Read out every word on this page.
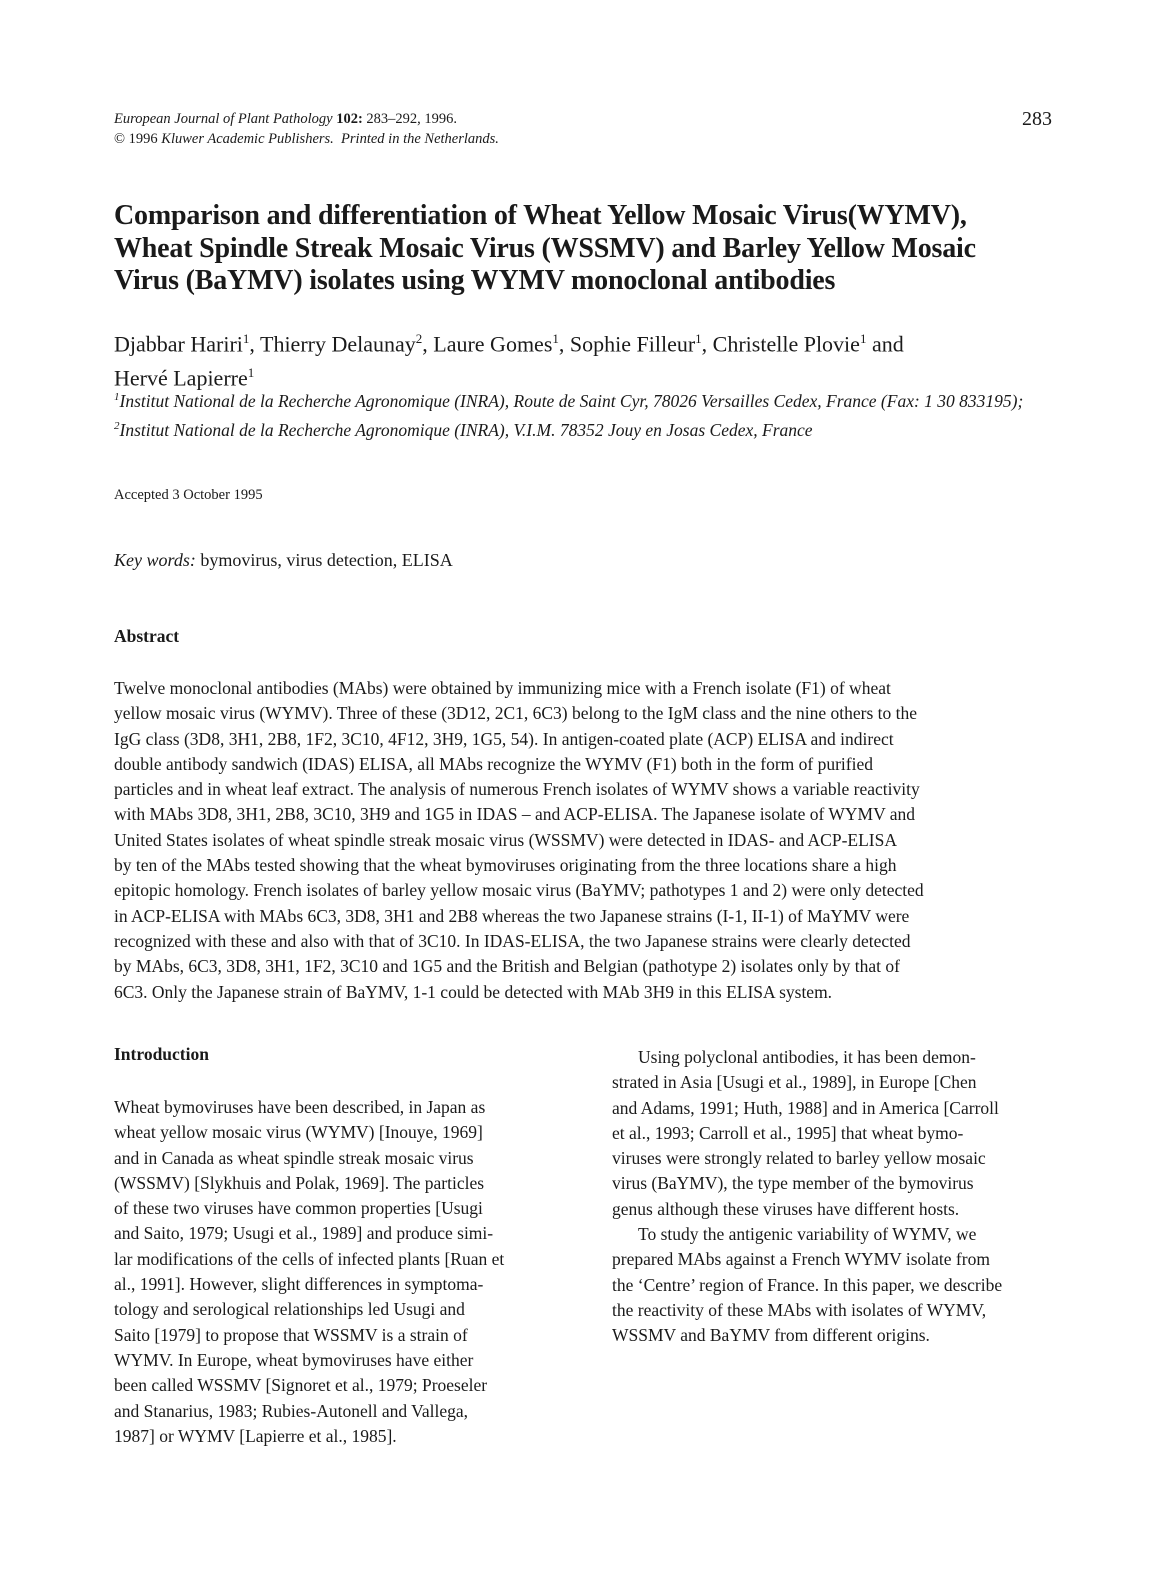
European Journal of Plant Pathology 102: 283–292, 1996.
© 1996 Kluwer Academic Publishers. Printed in the Netherlands.
283
Comparison and differentiation of Wheat Yellow Mosaic Virus(WYMV),
Wheat Spindle Streak Mosaic Virus (WSSMV) and Barley Yellow Mosaic
Virus (BaYMV) isolates using WYMV monoclonal antibodies
Djabbar Hariri$^1$, Thierry Delaunay$^2$, Laure Gomes$^1$, Sophie Filleur$^1$, Christelle Plovie$^1$ and
Hervé Lapierre$^1$
$^1$Institut National de la Recherche Agronomique (INRA), Route de Saint Cyr, 78026 Versailles Cedex, France (Fax: 1 30 833195); $^2$Institut National de la Recherche Agronomique (INRA), V.I.M. 78352 Jouy en Josas Cedex, France
Accepted 3 October 1995
Key words: bymovirus, virus detection, ELISA
Abstract
Twelve monoclonal antibodies (MAbs) were obtained by immunizing mice with a French isolate (F1) of wheat
yellow mosaic virus (WYMV). Three of these (3D12, 2C1, 6C3) belong to the IgM class and the nine others to the
IgG class (3D8, 3H1, 2B8, 1F2, 3C10, 4F12, 3H9, 1G5, 54). In antigen-coated plate (ACP) ELISA and indirect
double antibody sandwich (IDAS) ELISA, all MAbs recognize the WYMV (F1) both in the form of purified
particles and in wheat leaf extract. The analysis of numerous French isolates of WYMV shows a variable reactivity
with MAbs 3D8, 3H1, 2B8, 3C10, 3H9 and 1G5 in IDAS – and ACP-ELISA. The Japanese isolate of WYMV and
United States isolates of wheat spindle streak mosaic virus (WSSMV) were detected in IDAS- and ACP-ELISA
by ten of the MAbs tested showing that the wheat bymoviruses originating from the three locations share a high
epitopic homology. French isolates of barley yellow mosaic virus (BaYMV; pathotypes 1 and 2) were only detected
in ACP-ELISA with MAbs 6C3, 3D8, 3H1 and 2B8 whereas the two Japanese strains (I-1, II-1) of MaYMV were
recognized with these and also with that of 3C10. In IDAS-ELISA, the two Japanese strains were clearly detected
by MAbs, 6C3, 3D8, 3H1, 1F2, 3C10 and 1G5 and the British and Belgian (pathotype 2) isolates only by that of
6C3. Only the Japanese strain of BaYMV, 1-1 could be detected with MAb 3H9 in this ELISA system.
Introduction
Wheat bymoviruses have been described, in Japan as
wheat yellow mosaic virus (WYMV) [Inouye, 1969]
and in Canada as wheat spindle streak mosaic virus
(WSSMV) [Slykhuis and Polak, 1969]. The particles
of these two viruses have common properties [Usugi
and Saito, 1979; Usugi et al., 1989] and produce simi-
lar modifications of the cells of infected plants [Ruan et
al., 1991]. However, slight differences in symptoma-
tology and serological relationships led Usugi and
Saito [1979] to propose that WSSMV is a strain of
WYMV. In Europe, wheat bymoviruses have either
been called WSSMV [Signoret et al., 1979; Proeseler
and Stanarius, 1983; Rubies-Autonell and Vallega,
1987] or WYMV [Lapierre et al., 1985].
Using polyclonal antibodies, it has been demon-
strated in Asia [Usugi et al., 1989], in Europe [Chen
and Adams, 1991; Huth, 1988] and in America [Carroll
et al., 1993; Carroll et al., 1995] that wheat bymo-
viruses were strongly related to barley yellow mosaic
virus (BaYMV), the type member of the bymovirus
genus although these viruses have different hosts.
To study the antigenic variability of WYMV, we
prepared MAbs against a French WYMV isolate from
the ‘Centre’ region of France. In this paper, we describe
the reactivity of these MAbs with isolates of WYMV,
WSSMV and BaYMV from different origins.
